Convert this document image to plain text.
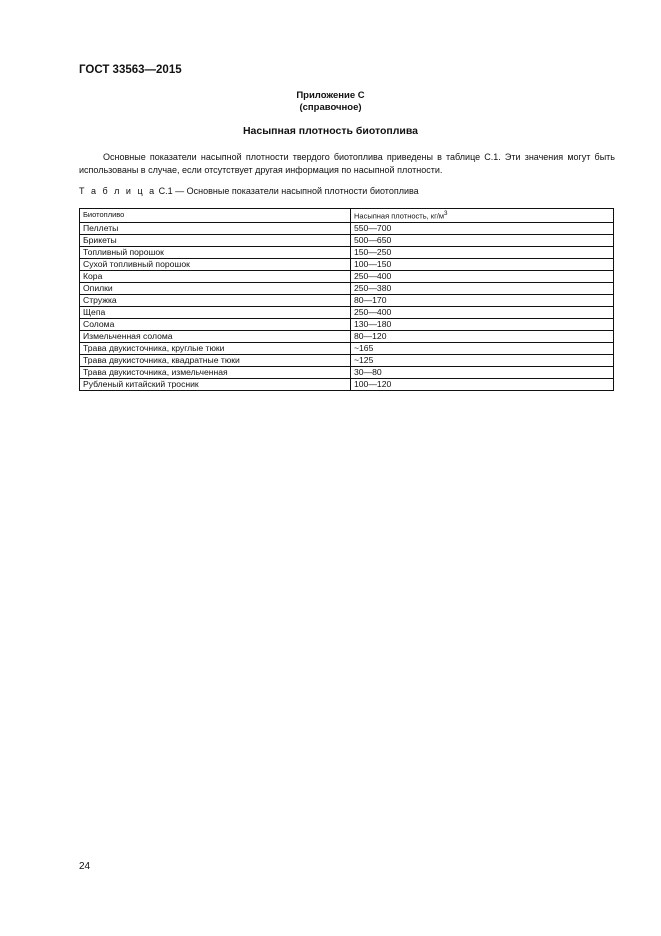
ГОСТ 33563—2015
Приложение С
(справочное)
Насыпная плотность биотоплива
Основные показатели насыпной плотности твердого биотоплива приведены в таблице С.1. Эти значения могут быть использованы в случае, если отсутствует другая информация по насыпной плотности.
Т а б л и ц а С.1 — Основные показатели насыпной плотности биотоплива
Биотопливо	Насыпная плотность, $кг/м^3$
Пеллеты	550—700
Брикеты	500—650
Топливный порошок	150—250
Сухой топливный порошок	100—150
Кора	250—400
Опилки	250—380
Стружка	80—170
Щепа	250—400
Солома	130—180
Измельченная солома	80—120
Трава двукисточника, круглые тюки	~165
Трава двукисточника, квадратные тюки	~125
Трава двукисточника, измельченная	30—80
Рубленый китайский тросник	100—120
24
